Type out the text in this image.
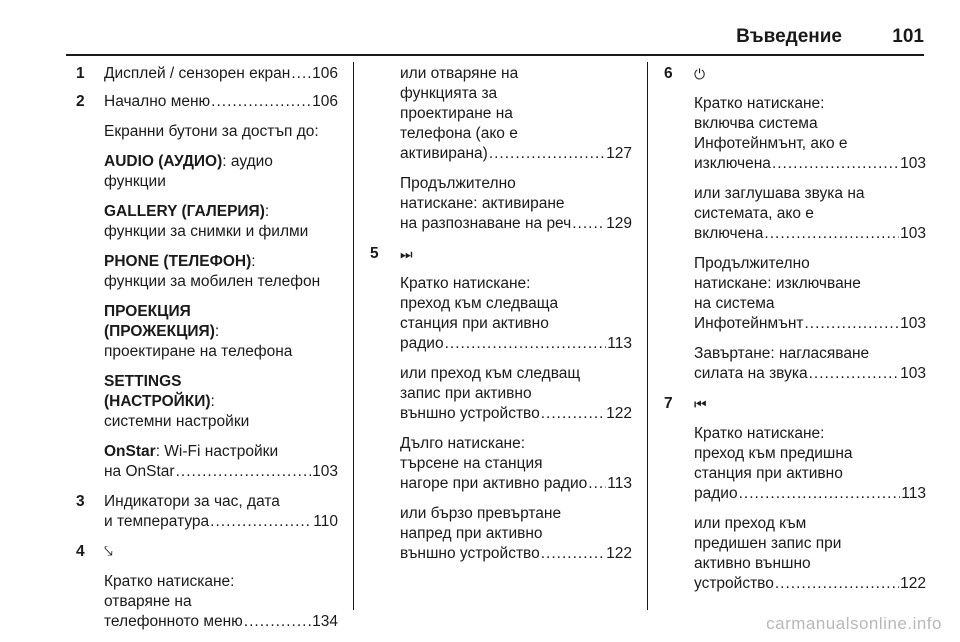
Въведение	101
1 Дисплей / сензорен екран ..... 106
2 Начално меню .....	106
Екранни бутони за достъп до:
AUDIO (АУДИО): аудио
функции
GALLERY (ГАЛЕРИЯ):
функции за снимки и филми
PHONE (ТЕЛЕФОН):
функции за мобилен телефон
ПРОЕКЦИЯ
(ПРОЖЕКЦИЯ):
проектиране на телефона
SETTINGS
(НАСТРОЙКИ):
системни настройки
OnStar: Wi-Fi настройки
на OnStar .....	103
3 Индикатори за час, дата
и температура .....	110
4 ⤥
Кратко натискане:
отваряне на
телефонното меню .....	134
или отваряне на
функцията за
проектиране на
телефона (ако е
активирана) .....	127
Продължително
натискане: активиране
на разпознаване на реч ..... 129
5 ⏭
Кратко натискане:
преход към следваща
станция при активно
радио .....	113
или преход към следващ
запис при активно
външно устройство .....	122
Дълго натискане:
търсене на станция
нагоре при активно радио ..... 113
или бързо превъртане
напред при активно
външно устройство .....	122
6 ⏻
Кратко натискане:
включва система
Инфотейнмънт, ако е
изключена .....	103
или заглушава звука на
системата, ако е
включена .....	103
Продължително
натискане: изключване
на система
Инфотейнмънт .....	103
Завъртане: нагласяване
силата на звука .....	103
7 ⏮
Кратко натискане:
преход към предишна
станция при активно
радио .....	113
или преход към
предишен запис при
активно външно
устройство .....	122
carmanualsonline.info
